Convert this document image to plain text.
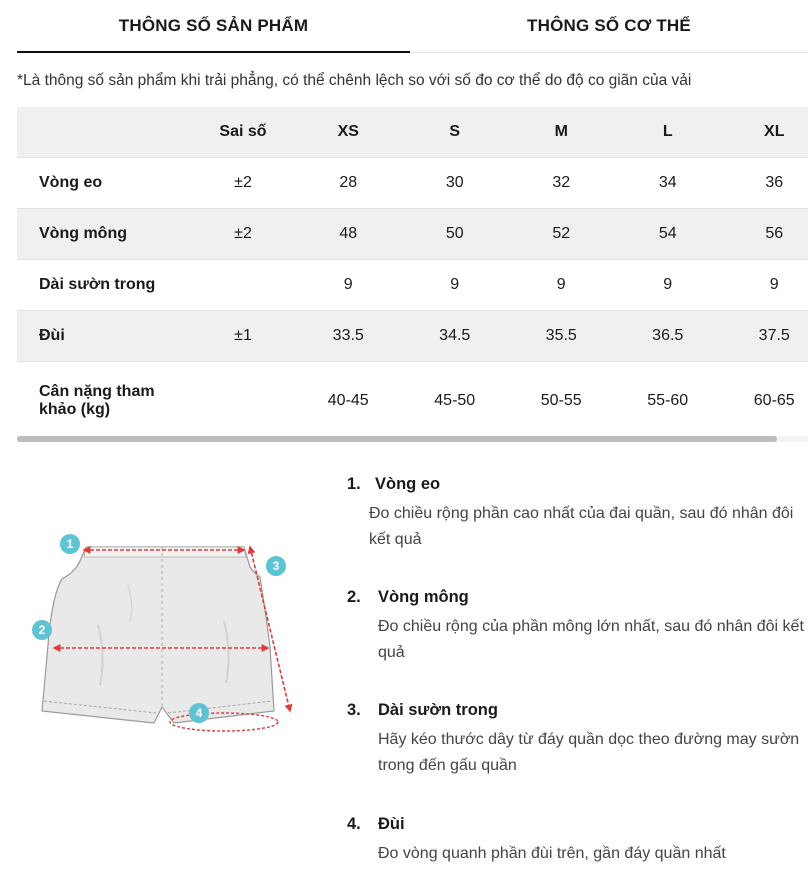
THÔNG SỐ SẢN PHẨM	THÔNG SỐ CƠ THỂ
*Là thông số sản phẩm khi trải phẳng, có thể chênh lệch so với số đo cơ thể do độ co giãn của vải
	Sai số	XS	S	M	L	XL
Vòng eo	±2	28	30	32	34	36
Vòng mông	±2	48	50	52	54	56
Dài sườn trong		9	9	9	9	9
Đùi	±1	33.5	34.5	35.5	36.5	37.5
Cân nặng tham khảo (kg)		40-45	45-50	50-55	55-60	60-65
1
2
3
4
1. Vòng eo
Đo chiều rộng phần cao nhất của đai quần, sau đó nhân đôi kết quả
2.	Vòng mông
Đo chiều rộng của phần mông lớn nhất, sau đó nhân đôi kết quả
3.	Dài sườn trong
Hãy kéo thước dây từ đáy quần dọc theo đường may sườn trong đến gấu quần
4.	Đùi
Đo vòng quanh phần đùi trên, gần đáy quần nhất
